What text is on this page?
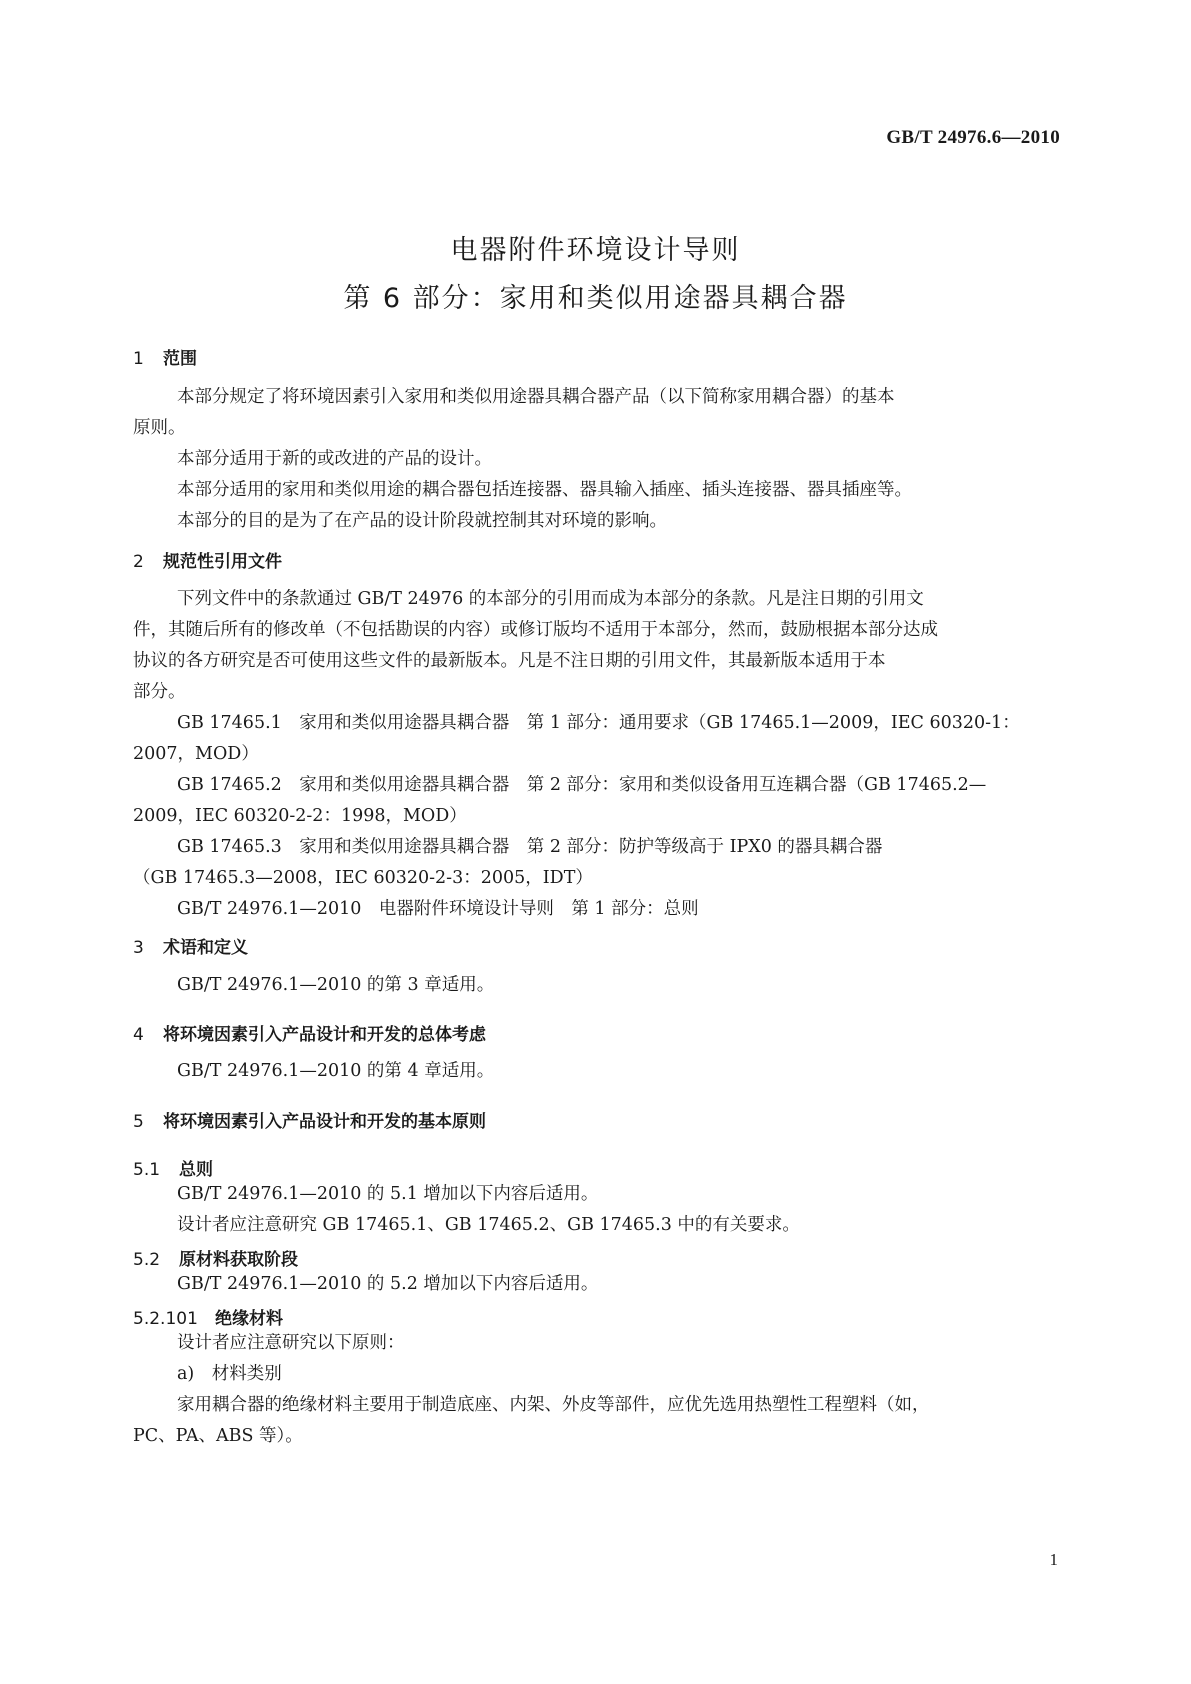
GB/T 24976.6—2010
电器附件环境设计导则
第 6 部分：家用和类似用途器具耦合器
1 范围
本部分规定了将环境因素引入家用和类似用途器具耦合器产品（以下简称家用耦合器）的基本
原则。
本部分适用于新的或改进的产品的设计。
本部分适用的家用和类似用途的耦合器包括连接器、器具输入插座、插头连接器、器具插座等。
本部分的目的是为了在产品的设计阶段就控制其对环境的影响。
2 规范性引用文件
下列文件中的条款通过 GB/T 24976 的本部分的引用而成为本部分的条款。凡是注日期的引用文
件，其随后所有的修改单（不包括勘误的内容）或修订版均不适用于本部分，然而，鼓励根据本部分达成
协议的各方研究是否可使用这些文件的最新版本。凡是不注日期的引用文件，其最新版本适用于本
部分。
GB 17465.1　家用和类似用途器具耦合器　第 1 部分：通用要求（GB 17465.1—2009，IEC 60320-1：
2007，MOD）
GB 17465.2　家用和类似用途器具耦合器　第 2 部分：家用和类似设备用互连耦合器（GB 17465.2—
2009，IEC 60320-2-2：1998，MOD）
GB 17465.3　家用和类似用途器具耦合器　第 2 部分：防护等级高于 IPX0 的器具耦合器
（GB 17465.3—2008，IEC 60320-2-3：2005，IDT）
GB/T 24976.1—2010　电器附件环境设计导则　第 1 部分：总则
3 术语和定义
GB/T 24976.1—2010 的第 3 章适用。
4 将环境因素引入产品设计和开发的总体考虑
GB/T 24976.1—2010 的第 4 章适用。
5 将环境因素引入产品设计和开发的基本原则
5.1 总则
GB/T 24976.1—2010 的 5.1 增加以下内容后适用。
设计者应注意研究 GB 17465.1、GB 17465.2、GB 17465.3 中的有关要求。
5.2 原材料获取阶段
GB/T 24976.1—2010 的 5.2 增加以下内容后适用。
5.2.101 绝缘材料
设计者应注意研究以下原则：
a)　材料类别
家用耦合器的绝缘材料主要用于制造底座、内架、外皮等部件，应优先选用热塑性工程塑料（如，
PC、PA、ABS 等）。
1
